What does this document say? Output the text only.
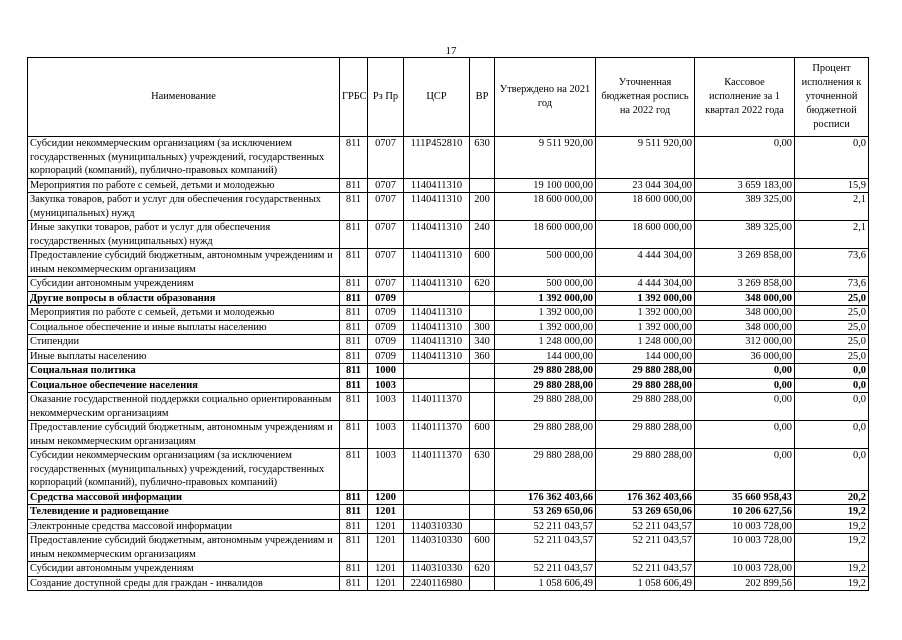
17
Наименование	ГРБС	Рз Пр	ЦСР	ВР	Утверждено на 2021 год	Уточненная бюджетная роспись на 2022 год	Кассовое исполнение за 1 квартал 2022 года	Процент исполнения к уточненной бюджетной росписи
Субсидии некоммерческим организациям (за исключением государственных (муниципальных) учреждений, государственных корпораций (компаний), публично-правовых компаний)	811	0707	111P452810	630	9 511 920,00	9 511 920,00	0,00	0,0
Мероприятия по работе с семьей, детьми и молодежью	811	0707	1140411310		19 100 000,00	23 044 304,00	3 659 183,00	15,9
Закупка товаров, работ и услуг для обеспечения государственных (муниципальных) нужд	811	0707	1140411310	200	18 600 000,00	18 600 000,00	389 325,00	2,1
Иные закупки товаров, работ и услуг для обеспечения государственных (муниципальных) нужд	811	0707	1140411310	240	18 600 000,00	18 600 000,00	389 325,00	2,1
Предоставление субсидий бюджетным, автономным учреждениям и иным некоммерческим организациям	811	0707	1140411310	600	500 000,00	4 444 304,00	3 269 858,00	73,6
Субсидии автономным учреждениям	811	0707	1140411310	620	500 000,00	4 444 304,00	3 269 858,00	73,6
Другие вопросы в области образования	811	0709			1 392 000,00	1 392 000,00	348 000,00	25,0
Мероприятия по работе с семьей, детьми и молодежью	811	0709	1140411310		1 392 000,00	1 392 000,00	348 000,00	25,0
Социальное обеспечение и иные выплаты населению	811	0709	1140411310	300	1 392 000,00	1 392 000,00	348 000,00	25,0
Стипендии	811	0709	1140411310	340	1 248 000,00	1 248 000,00	312 000,00	25,0
Иные выплаты населению	811	0709	1140411310	360	144 000,00	144 000,00	36 000,00	25,0
Социальная политика	811	1000			29 880 288,00	29 880 288,00	0,00	0,0
Социальное обеспечение населения	811	1003			29 880 288,00	29 880 288,00	0,00	0,0
Оказание государственной поддержки социально ориентированным некоммерческим организациям	811	1003	1140111370		29 880 288,00	29 880 288,00	0,00	0,0
Предоставление субсидий бюджетным, автономным учреждениям и иным некоммерческим организациям	811	1003	1140111370	600	29 880 288,00	29 880 288,00	0,00	0,0
Субсидии некоммерческим организациям (за исключением государственных (муниципальных) учреждений, государственных корпораций (компаний), публично-правовых компаний)	811	1003	1140111370	630	29 880 288,00	29 880 288,00	0,00	0,0
Средства массовой информации	811	1200			176 362 403,66	176 362 403,66	35 660 958,43	20,2
Телевидение и радиовещание	811	1201			53 269 650,06	53 269 650,06	10 206 627,56	19,2
Электронные средства массовой информации	811	1201	1140310330		52 211 043,57	52 211 043,57	10 003 728,00	19,2
Предоставление субсидий бюджетным, автономным учреждениям и иным некоммерческим организациям	811	1201	1140310330	600	52 211 043,57	52 211 043,57	10 003 728,00	19,2
Субсидии автономным учреждениям	811	1201	1140310330	620	52 211 043,57	52 211 043,57	10 003 728,00	19,2
Создание доступной среды для граждан - инвалидов	811	1201	2240116980		1 058 606,49	1 058 606,49	202 899,56	19,2
